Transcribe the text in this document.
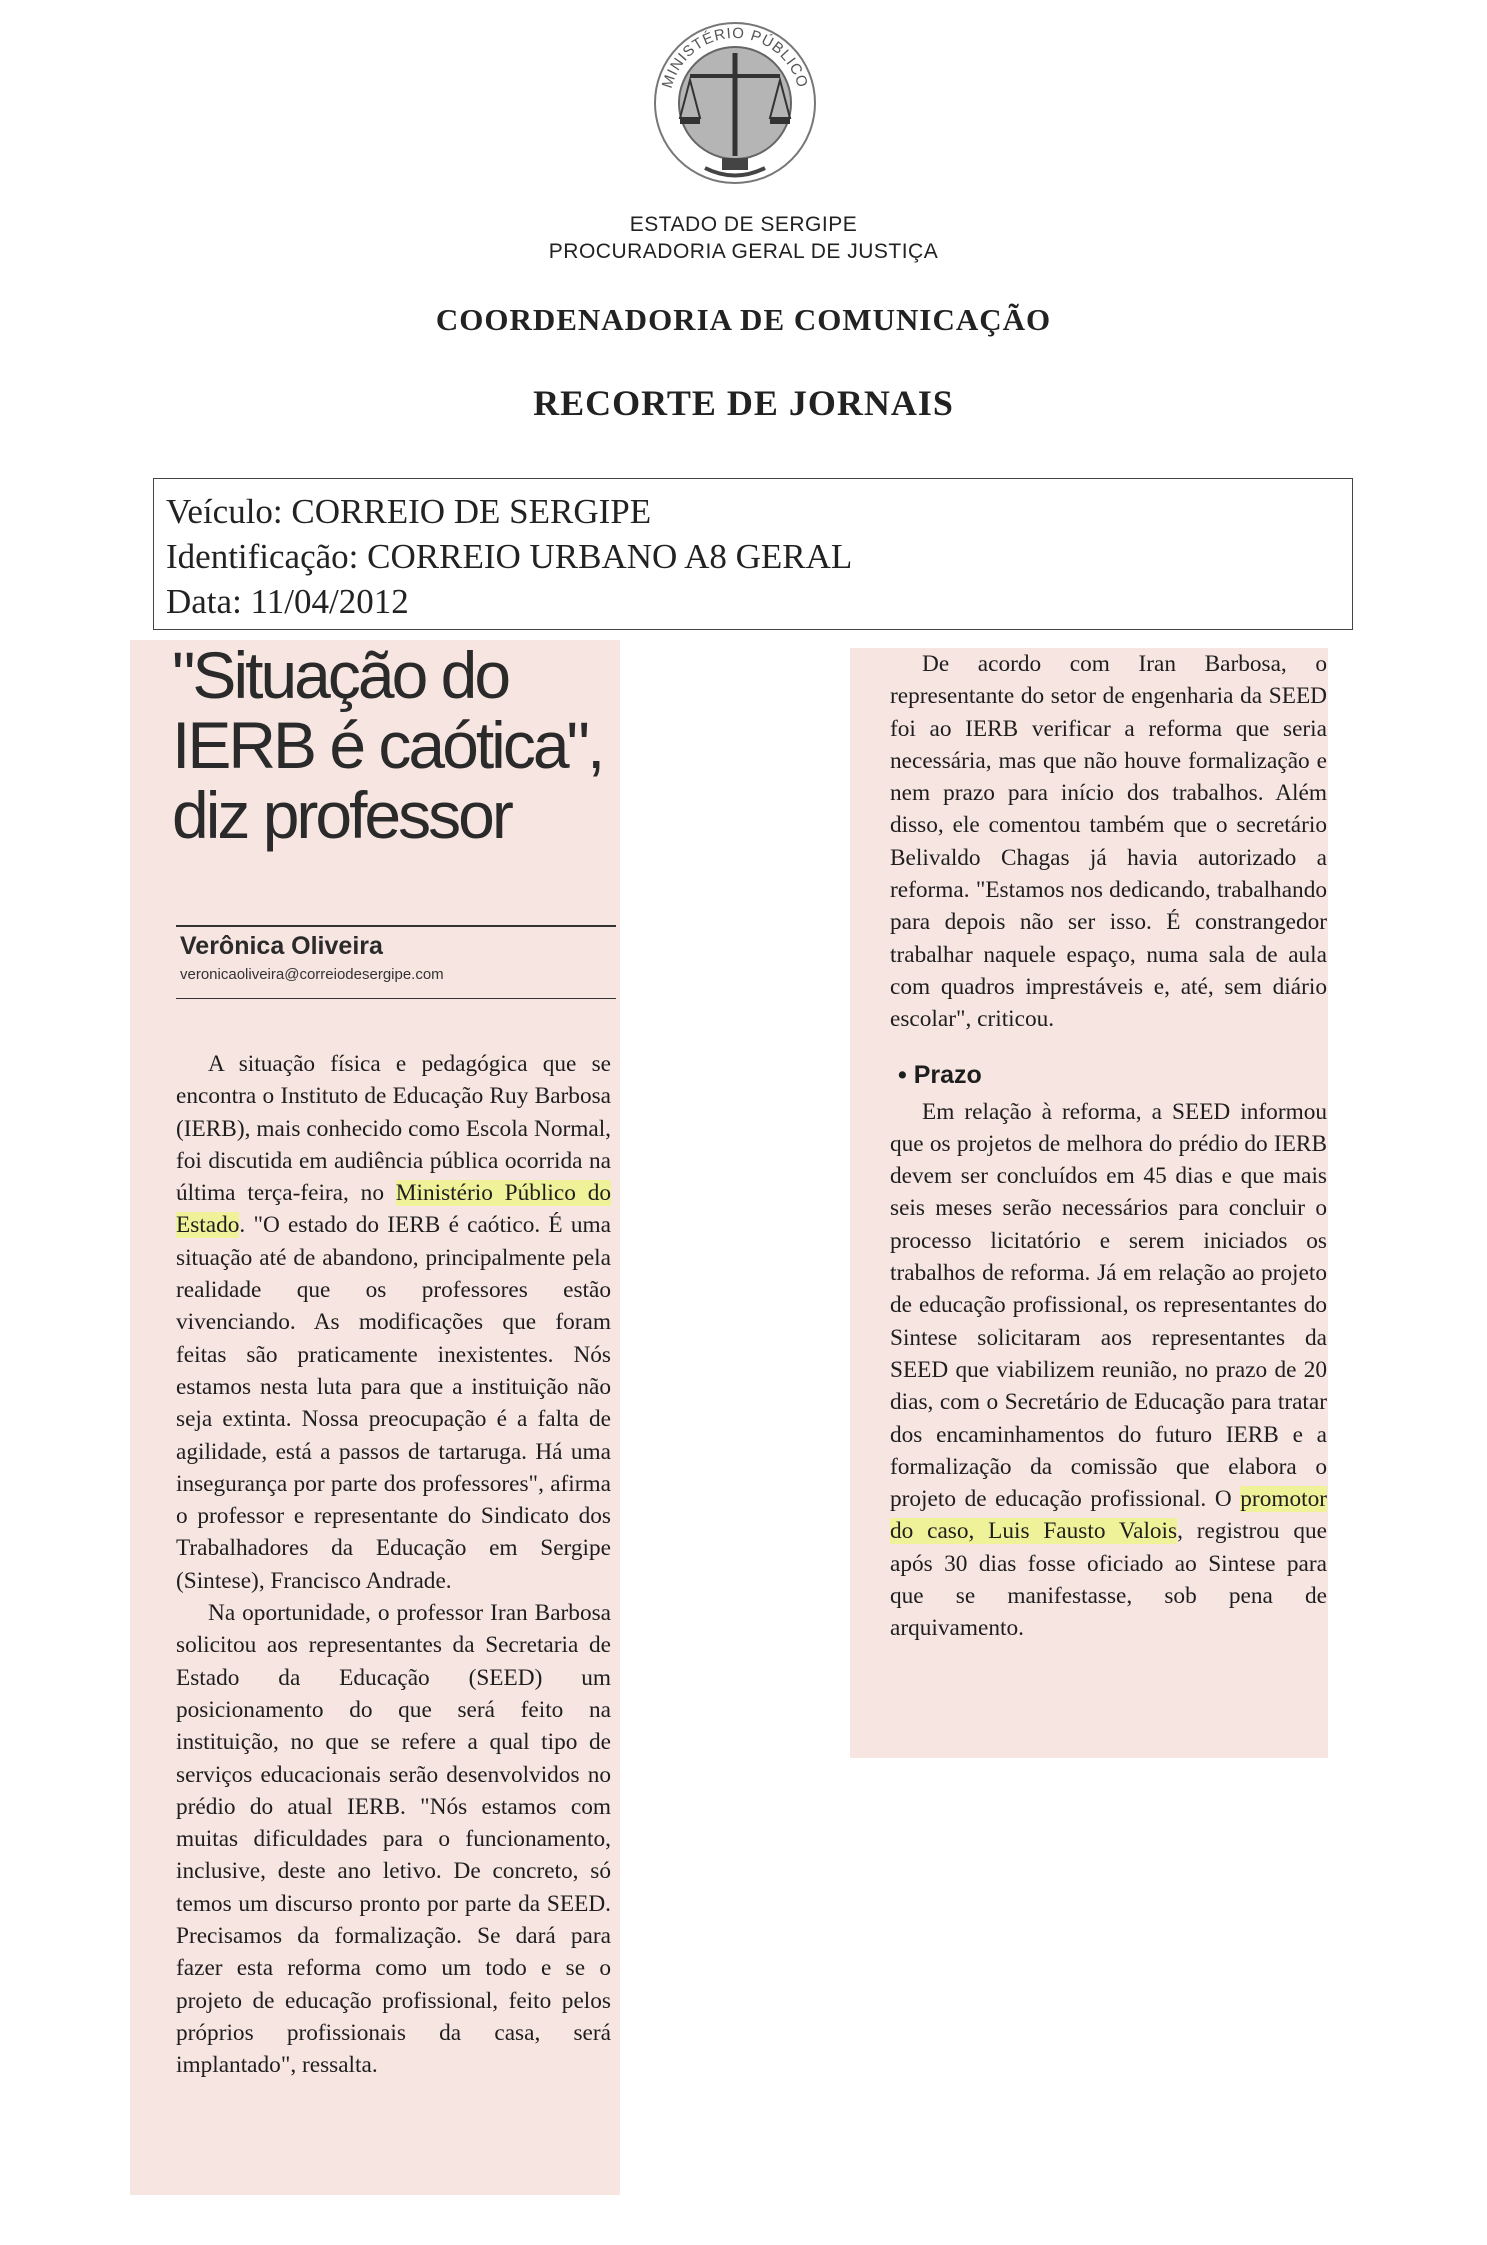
MINISTÉRIO PÚBLICO
ESTADO DE SERGIPE
PROCURADORIA GERAL DE JUSTIÇA
COORDENADORIA DE COMUNICAÇÃO
RECORTE DE JORNAIS
Veículo: CORREIO DE SERGIPE
Identificação: CORREIO URBANO A8 GERAL
Data: 11/04/2012
"Situação do
IERB é caótica",
diz professor
Verônica Oliveira
veronicaoliveira@correiodesergipe.com

A situação física e pedagógica que se encontra o Instituto de Educação Ruy Barbosa (IERB), mais conhecido como Escola Normal, foi discutida em audiência pública ocorrida na última terça-feira, no Ministério Público do Estado. "O estado do IERB é caótico. É uma situação até de abandono, principalmente pela realidade que os professores estão vivenciando. As modificações que foram feitas são praticamente inexistentes. Nós estamos nesta luta para que a instituição não seja extinta. Nossa preocupação é a falta de agilidade, está a passos de tartaruga. Há uma insegurança por parte dos professores", afirma o professor e representante do Sindicato dos Trabalhadores da Educação em Sergipe (Sintese), Francisco Andrade.

Na oportunidade, o professor Iran Barbosa solicitou aos representantes da Secretaria de Estado da Educação (SEED) um posicionamento do que será feito na instituição, no que se refere a qual tipo de serviços educacionais serão desenvolvidos no prédio do atual IERB. "Nós estamos com muitas dificuldades para o funcionamento, inclusive, deste ano letivo. De concreto, só temos um discurso pronto por parte da SEED. Precisamos da formalização. Se dará para fazer esta reforma como um todo e se o projeto de educação profissional, feito pelos próprios profissionais da casa, será implantado", ressalta.

De acordo com Iran Barbosa, o representante do setor de engenharia da SEED foi ao IERB verificar a reforma que seria necessária, mas que não houve formalização e nem prazo para início dos trabalhos. Além disso, ele comentou também que o secretário Belivaldo Chagas já havia autorizado a reforma. "Estamos nos dedicando, trabalhando para depois não ser isso. É constrangedor trabalhar naquele espaço, numa sala de aula com quadros imprestáveis e, até, sem diário escolar", criticou.

• Prazo

Em relação à reforma, a SEED informou que os projetos de melhora do prédio do IERB devem ser concluídos em 45 dias e que mais seis meses serão necessários para concluir o processo licitatório e serem iniciados os trabalhos de reforma. Já em relação ao projeto de educação profissional, os representantes do Sintese solicitaram aos representantes da SEED que viabilizem reunião, no prazo de 20 dias, com o Secretário de Educação para tratar dos encaminhamentos do futuro IERB e a formalização da comissão que elabora o projeto de educação profissional. O promotor do caso, Luis Fausto Valois, registrou que após 30 dias fosse oficiado ao Sintese para que se manifestasse, sob pena de arquivamento.
